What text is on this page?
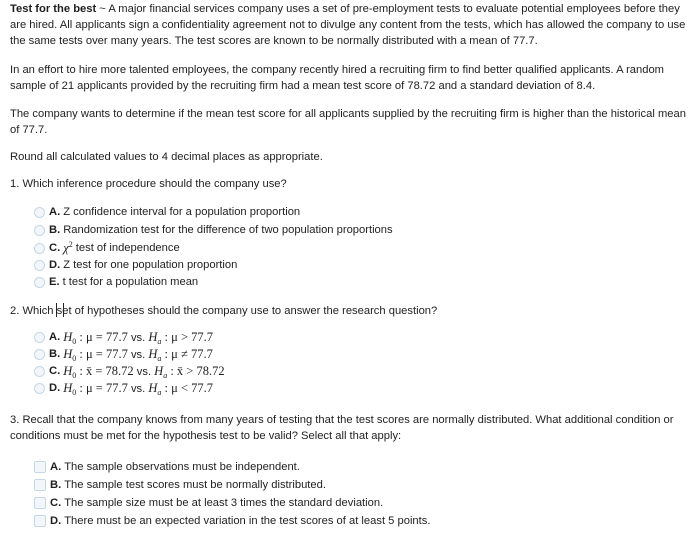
Test for the best ~ A major financial services company uses a set of pre-employment tests to evaluate potential employees before they are hired. All applicants sign a confidentiality agreement not to divulge any content from the tests, which has allowed the company to use the same tests over many years. The test scores are known to be normally distributed with a mean of 77.7.
In an effort to hire more talented employees, the company recently hired a recruiting firm to find better qualified applicants. A random sample of 21 applicants provided by the recruiting firm had a mean test score of 78.72 and a standard deviation of 8.4.
The company wants to determine if the mean test score for all applicants supplied by the recruiting firm is higher than the historical mean of 77.7.
Round all calculated values to 4 decimal places as appropriate.
1. Which inference procedure should the company use?
A. Z confidence interval for a population proportion
B. Randomization test for the difference of two population proportions
C. $\chi^2$
test of independence
D. Z test for one population proportion
E. t test for a population mean
2. Which set of hypotheses should the company use to answer the research question?
A. $H_0$ : μ = 77.7 vs. $H_a$ : μ > 77.7
B. $H_0$ : μ = 77.7 vs. $H_a$ : μ ≠ 77.7
C. $H_0$ : x̄ = 78.72 vs. $H_a$ : x̄ > 78.72
D. $H_0$ : μ = 77.7 vs. $H_a$ : μ < 77.7
3. Recall that the company knows from many years of testing that the test scores are normally distributed. What additional condition or conditions must be met for the hypothesis test to be valid? Select all that apply:
A. The sample observations must be independent.
B. The sample test scores must be normally distributed.
C. The sample size must be at least 3 times the standard deviation.
D. There must be an expected variation in the test scores of at least 5 points.
